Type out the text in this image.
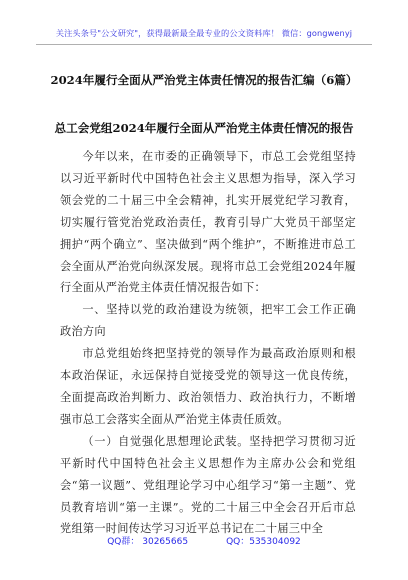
关注头条号"公文研究"，获得最新最全最专业的公文资料库！ 微信：gongwenyj
2024年履行全面从严治党主体责任情况的报告汇编（6篇）
总工会党组2024年履行全面从严治党主体责任情况的报告

今年以来，在市委的正确领导下，市总工会党组坚持以习近平新时代中国特色社会主义思想为指导，深入学习领会党的二十届三中全会精神，扎实开展党纪学习教育，切实履行管党治党政治责任，教育引导广大党员干部坚定拥护“两个确立”、坚决做到“两个维护”，不断推进市总工会全面从严治党向纵深发展。现将市总工会党组2024年履行全面从严治党主体责任情况报告如下：

一、坚持以党的政治建设为统领，把牢工会工作正确政治方向

市总党组始终把坚持党的领导作为最高政治原则和根本政治保证，永远保持自觉接受党的领导这一优良传统，全面提高政治判断力、政治领悟力、政治执行力，不断增强市总工会落实全面从严治党主体责任质效。

（一）自觉强化思想理论武装。坚持把学习贯彻习近平新时代中国特色社会主义思想作为主席办公会和党组会“第一议题”、党组理论学习中心组学习“第一主题”、党员教育培训“第一主课”。党的二十届三中全会召开后市总党组第一时间传达学习习近平总书记在二十届三中全

QQ群： 30265665	QQ：535304092
